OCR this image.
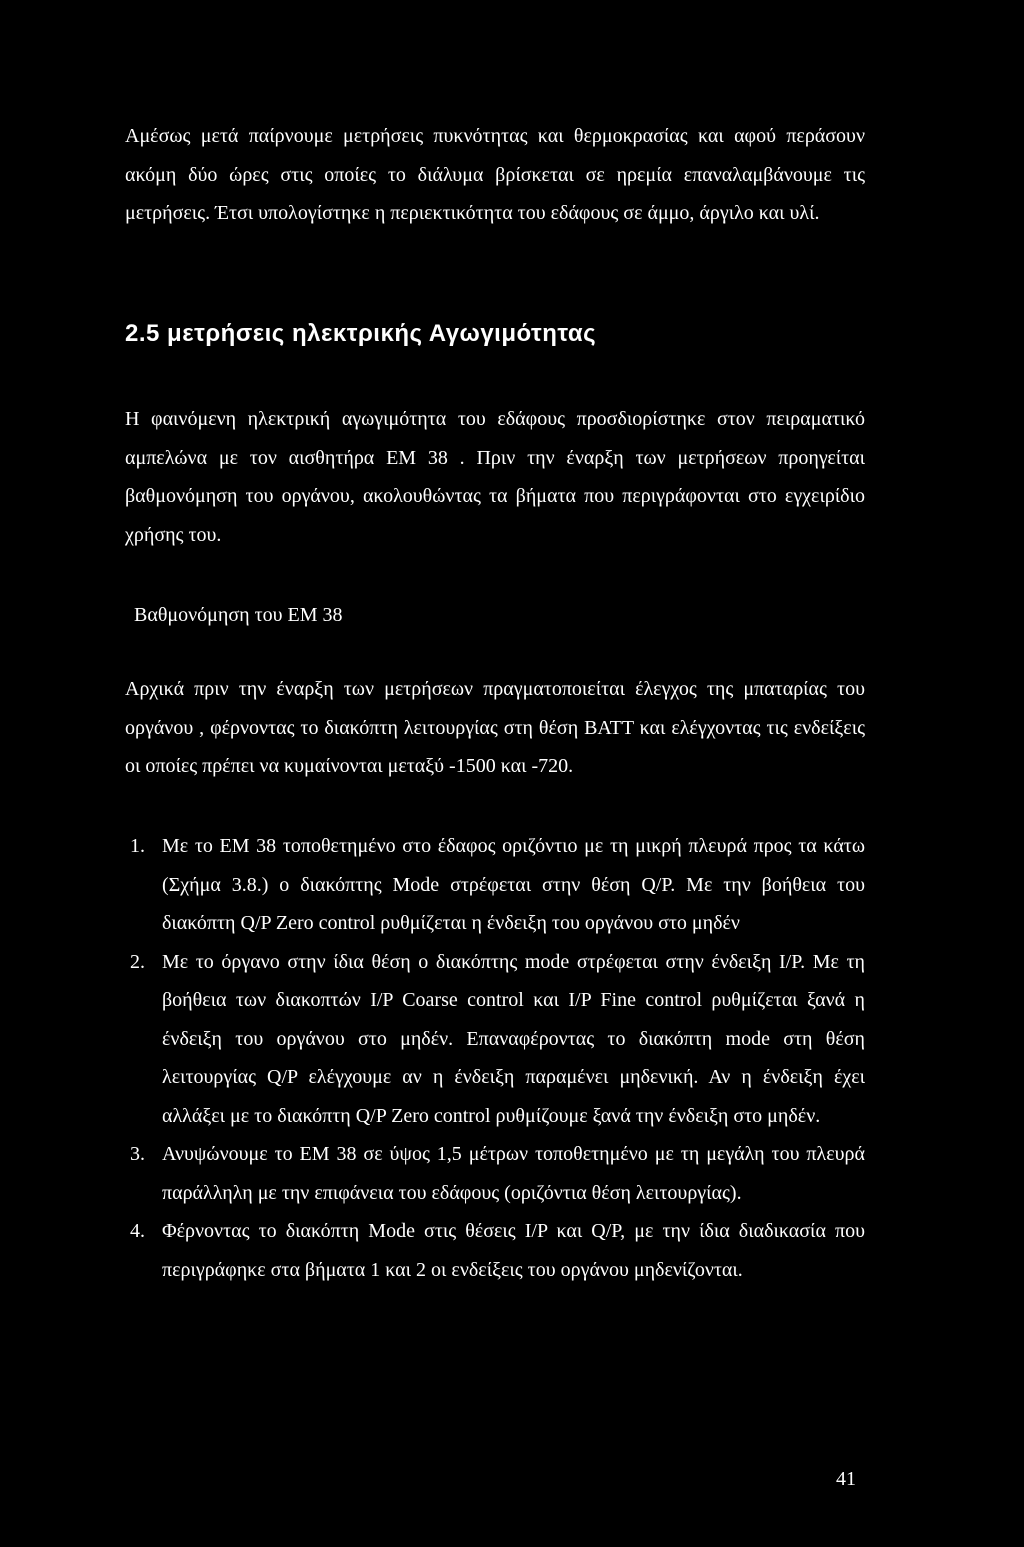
Αμέσως μετά παίρνουμε μετρήσεις πυκνότητας και θερμοκρασίας και αφού περάσουν ακόμη δύο ώρες στις οποίες το διάλυμα βρίσκεται σε ηρεμία επαναλαμβάνουμε τις μετρήσεις. Έτσι υπολογίστηκε η περιεκτικότητα του εδάφους σε άμμο, άργιλο και υλί.

2.5 μετρήσεις ηλεκτρικής Αγωγιμότητας

Η φαινόμενη ηλεκτρική αγωγιμότητα του εδάφους προσδιορίστηκε στον πειραματικό αμπελώνα με τον αισθητήρα ΕΜ 38 . Πριν την έναρξη των μετρήσεων προηγείται βαθμονόμηση του οργάνου, ακολουθώντας τα βήματα που περιγράφονται στο εγχειρίδιο χρήσης του.

Βαθμονόμηση του ΕΜ 38

Αρχικά πριν την έναρξη των μετρήσεων πραγματοποιείται έλεγχος της μπαταρίας του οργάνου , φέρνοντας το διακόπτη λειτουργίας στη θέση ΒΑΤΤ και ελέγχοντας τις ενδείξεις οι οποίες πρέπει να κυμαίνονται μεταξύ -1500 και -720.

1. Με το ΕΜ 38 τοποθετημένο στο έδαφος οριζόντιο με τη μικρή πλευρά προς τα κάτω (Σχήμα 3.8.) ο διακόπτης Mode στρέφεται στην θέση Q/P. Με την βοήθεια του διακόπτη Q/P Zero control ρυθμίζεται η ένδειξη του οργάνου στο μηδέν
2. Με το όργανο στην ίδια θέση ο διακόπτης mode στρέφεται στην ένδειξη I/P. Με τη βοήθεια των διακοπτών I/P Coarse control και I/P Fine control ρυθμίζεται ξανά η ένδειξη του οργάνου στο μηδέν. Επαναφέροντας το διακόπτη mode στη θέση λειτουργίας Q/P ελέγχουμε αν η ένδειξη παραμένει μηδενική. Αν η ένδειξη έχει αλλάξει με το διακόπτη Q/P Zero control ρυθμίζουμε ξανά την ένδειξη στο μηδέν.
3. Ανυψώνουμε το ΕΜ 38 σε ύψος 1,5 μέτρων τοποθετημένο με τη μεγάλη του πλευρά παράλληλη με την επιφάνεια του εδάφους (οριζόντια θέση λειτουργίας).
4. Φέρνοντας το διακόπτη Mode στις θέσεις I/P και Q/P, με την ίδια διαδικασία που περιγράφηκε στα βήματα 1 και 2 οι ενδείξεις του οργάνου μηδενίζονται.

41
